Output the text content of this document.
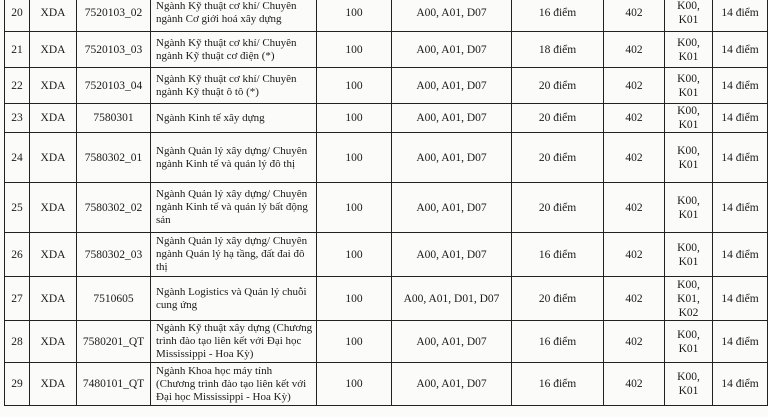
20	XDA	7520103_02	Ngành Kỹ thuật cơ khí/ Chuyên ngành Cơ giới hoá xây dựng	100	A00, A01, D07	16 điểm	402	K00, K01	14 điểm
21	XDA	7520103_03	Ngành Kỹ thuật cơ khí/ Chuyên ngành Kỹ thuật cơ điện (*)	100	A00, A01, D07	18 điểm	402	K00, K01	14 điểm
22	XDA	7520103_04	Ngành Kỹ thuật cơ khí/ Chuyên ngành Kỹ thuật ô tô (*)	100	A00, A01, D07	20 điểm	402	K00, K01	14 điểm
23	XDA	7580301	Ngành Kinh tế xây dựng	100	A00, A01, D07	20 điểm	402	K00, K01	14 điểm
24	XDA	7580302_01	Ngành Quản lý xây dựng/ Chuyên ngành Kinh tế và quản lý đô thị	100	A00, A01, D07	20 điểm	402	K00, K01	14 điểm
25	XDA	7580302_02	Ngành Quản lý xây dựng/ Chuyên ngành Kinh tế và quản lý bất động sản	100	A00, A01, D07	20 điểm	402	K00, K01	14 điểm
26	XDA	7580302_03	Ngành Quản lý xây dựng/ Chuyên ngành Quản lý hạ tầng, đất đai đô thị	100	A00, A01, D07	16 điểm	402	K00, K01	14 điểm
27	XDA	7510605	Ngành Logistics và Quản lý chuỗi cung ứng	100	A00, A01, D01, D07	20 điểm	402	K00, K01, K02	14 điểm
28	XDA	7580201_QT	Ngành Kỹ thuật xây dựng (Chương trình đào tạo liên kết với Đại học Mississippi - Hoa Kỳ)	100	A00, A01, D07	16 điểm	402	K00, K01	14 điểm
29	XDA	7480101_QT	Ngành Khoa học máy tính (Chương trình đào tạo liên kết với Đại học Mississippi - Hoa Kỳ)	100	A00, A01, D07	16 điểm	402	K00, K01	14 điểm
